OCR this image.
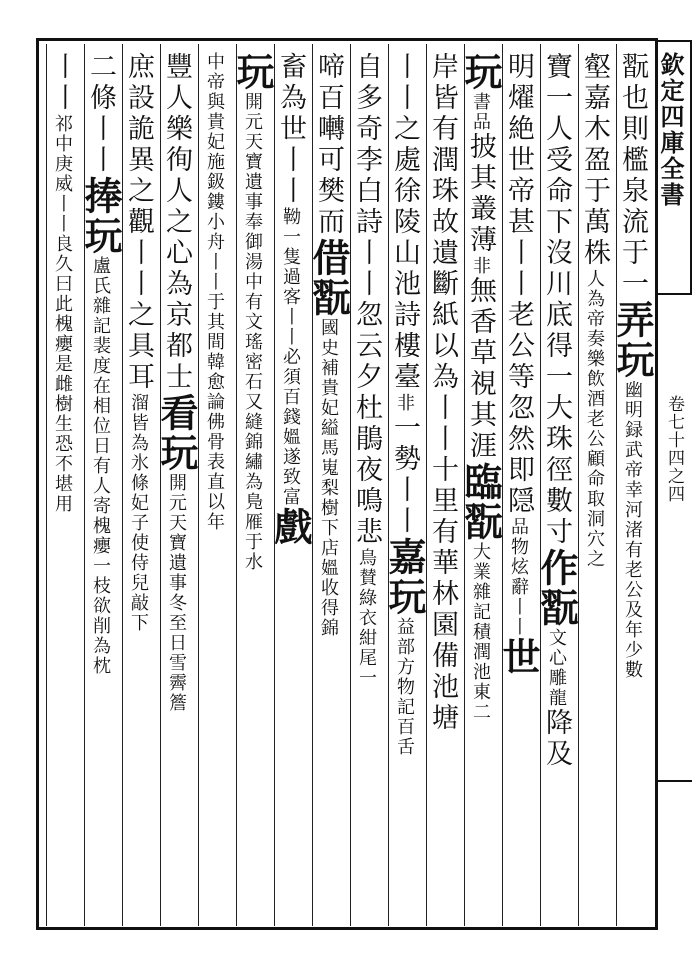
欽定四庫全書
卷七十四之四
翫也則檻泉流于一弄玩幽明録武帝幸河渚有老公及年少數
壑嘉木盈于萬株人為帝奏樂飲酒老公顧命取洞穴之
寶一人受命下沒川底得一大珠徑數寸作翫文心雕龍降及
明燿絶世帝甚丨丨老公等忽然即隠品物炫辭丨丨世
玩書品披其叢薄非無香草視其涯臨翫大業雜記積潤池東二
岸皆有潤珠故遺斷紙以為丨丨十里有華林園備池塘
丨丨之處徐陵山池詩樓臺非一勢丨丨嘉玩益部方物記百舌
自多奇李白詩丨丨忽云夕杜鵑夜鳴悲鳥賛綠衣紺尾一
啼百囀可樊而借翫國史補貴妃縊馬嵬梨樹下店媼收得錦
畜為世丨丨靿一隻過客丨丨必須百錢媼遂致富戲
玩開元天寶遺事奉御湯中有文瑤密石又縫錦繡為鳬雁于水
中帝與貴妃施鈒鏤小舟丨丨于其間韓愈論佛骨表直以年
豐人樂徇人之心為京都士看玩開元天寶遺事冬至日雪霽簷
庶設詭異之觀丨丨之具耳溜皆為氷條妃子使侍兒敲下
二條丨丨捧玩盧氏雜記裴度在相位日有人寄槐癭一枝欲削為枕
丨丨祁中庚威丨丨良久曰此槐癭是雌樹生恐不堪用
